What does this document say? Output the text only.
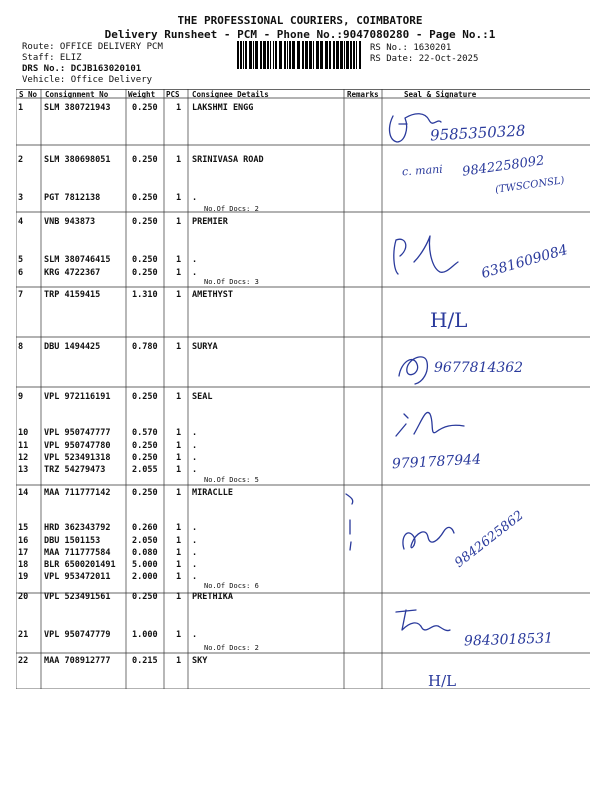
THE PROFESSIONAL COURIERS, COIMBATORE
Delivery Runsheet - PCM - Phone No.:9047080280 - Page No.:1
Route: OFFICE DELIVERY PCM
Staff: ELIZ
DRS No.: DCJB163020101
Vehicle: Office Delivery
RS No.: 1630201
RS Date: 22-Oct-2025
S No Consignment No	Weight PCS Consignee Details	Remarks	Seal & Signature
1 SLM 380721943	0.250 1 LAKSHMI ENGG
2 SLM 380698051	0.250 1 SRINIVASA ROAD
3 PGT 7812138	0.250 1 .
No.Of Docs: 2
4 VNB 943873	0.250 1 PREMIER
5 SLM 380746415	0.250 1 .
6 KRG 4722367	0.250 1 .
No.Of Docs: 3
7 TRP 4159415	1.310 1 AMETHYST
8 DBU 1494425	0.780 1 SURYA
9 VPL 972116191	0.250 1 SEAL
10 VPL 950747777	0.570 1 .
11 VPL 950747780	0.250 1 .
12 VPL 523491318	0.250 1 .
13 TRZ 54279473	2.055 1 .
No.Of Docs: 5
14 MAA 711777142	0.250 1 MIRACLLE
15 HRD 362343792	0.260 1 .
16 DBU 1501153	2.050 1 .
17 MAA 711777584	0.080 1 .
18 BLR 6500201491 5.000 1 .
19 VPL 953472011	2.000 1 .
No.Of Docs: 6
20 VPL 523491561	0.250 1 PRETHIKA
21 VPL 950747779	1.000 1 .
No.Of Docs: 2
22 MAA 708912777	0.215 1 SKY
9585350328
c. mani 9842258092
(TWSCONSL)
6381609084
H/L
9677814362
9791787944
9842625862
9843018531
H/L
